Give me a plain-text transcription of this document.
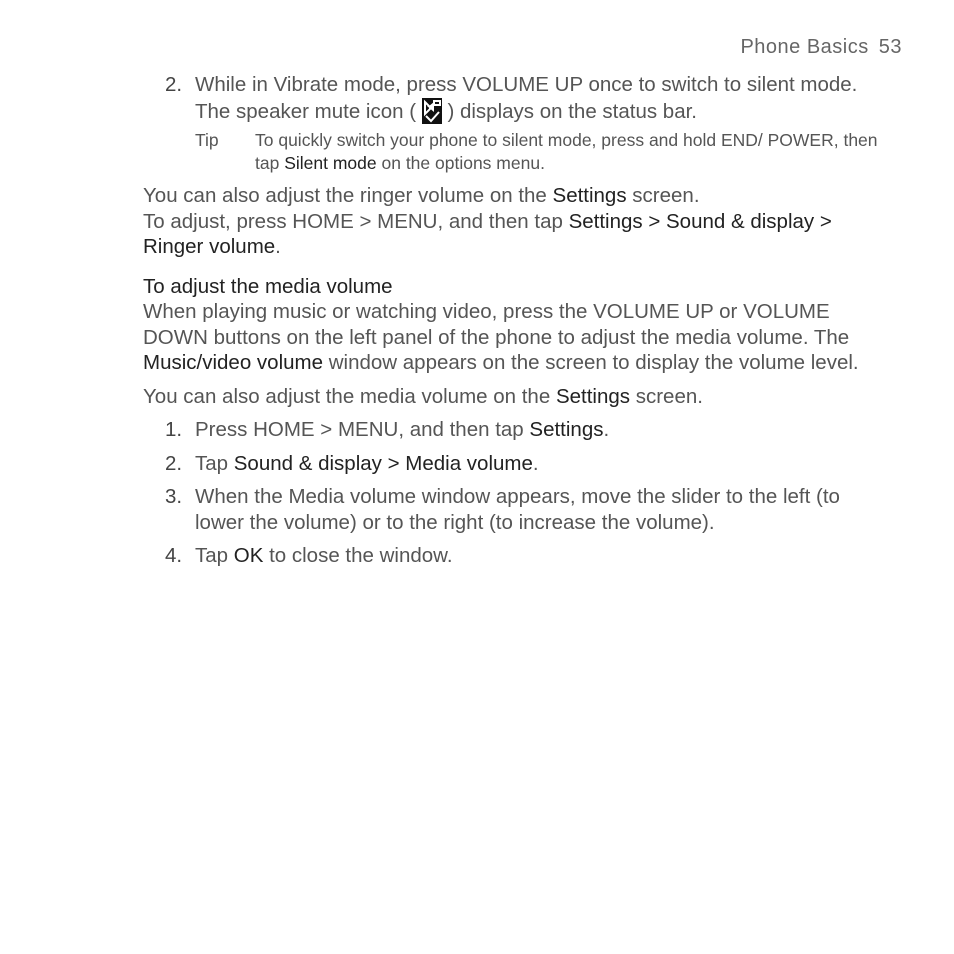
Phone Basics 53
2. While in Vibrate mode, press VOLUME UP once to switch to silent mode. The speaker mute icon (
) displays on the status bar.
Tip To quickly switch your phone to silent mode, press and hold END/ POWER, then tap Silent mode on the options menu.

You can also adjust the ringer volume on the Settings screen.

To adjust, press HOME > MENU, and then tap Settings > Sound & display > Ringer volume.

To adjust the media volume

When playing music or watching video, press the VOLUME UP or VOLUME DOWN buttons on the left panel of the phone to adjust the media volume. The Music/video volume window appears on the screen to display the volume level.

You can also adjust the media volume on the Settings screen.

1. Press HOME > MENU, and then tap Settings.
2. Tap Sound & display > Media volume.
3. When the Media volume window appears, move the slider to the left (to lower the volume) or to the right (to increase the volume).
4. Tap OK to close the window.
